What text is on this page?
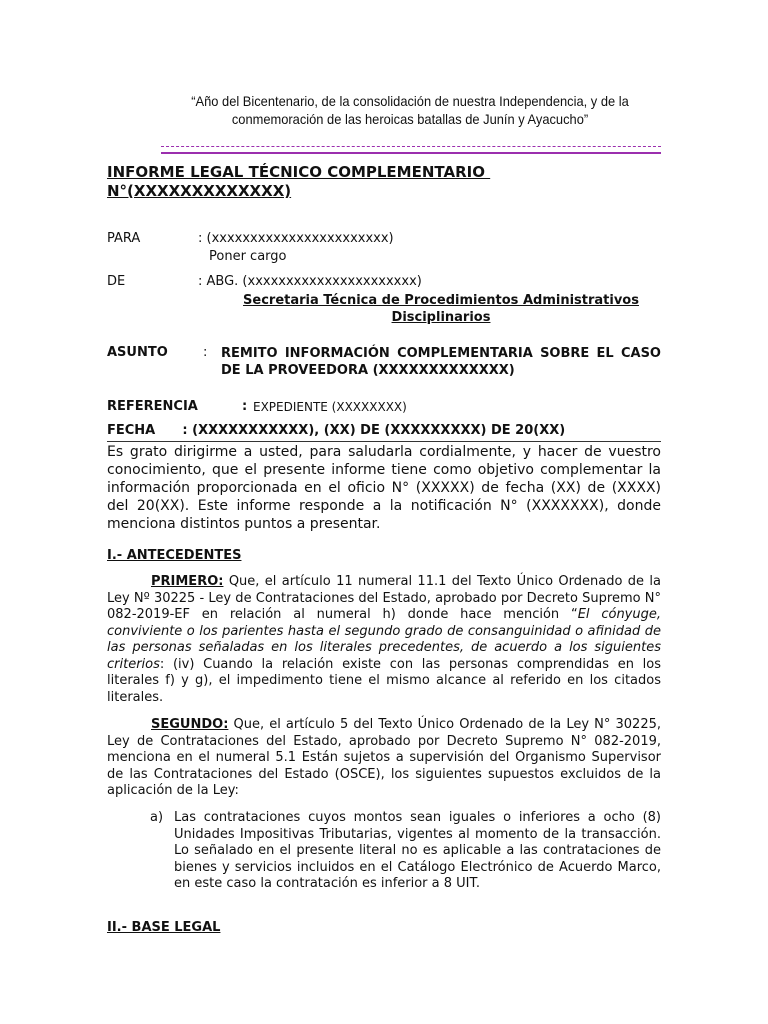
“Año del Bicentenario, de la consolidación de nuestra Independencia, y de la
conmemoración de las heroicas batallas de Junín y Ayacucho”
INFORME LEGAL TÉCNICO COMPLEMENTARIO
N°(XXXXXXXXXXXXX)
PARA	: (xxxxxxxxxxxxxxxxxxxxxxx)
Poner cargo
DE	: ABG. (xxxxxxxxxxxxxxxxxxxxxx)
Secretaria Técnica de Procedimientos Administrativos
Disciplinarios
ASUNTO	: REMITO INFORMACIÓN COMPLEMENTARIA SOBRE EL CASO DE LA PROVEEDORA (XXXXXXXXXXXXX)
REFERENCIA	: EXPEDIENTE (XXXXXXXX)
FECHA      : (XXXXXXXXXXX), (XX) DE (XXXXXXXXX) DE 20(XX)
Es grato dirigirme a usted, para saludarla cordialmente, y hacer de vuestro conocimiento, que el presente informe tiene como objetivo complementar la información proporcionada en el oficio N° (XXXXX) de fecha (XX) de (XXXX) del 20(XX). Este informe responde a la notificación N° (XXXXXXX), donde menciona distintos puntos a presentar.
I.- ANTECEDENTES
PRIMERO: Que, el artículo 11 numeral 11.1 del Texto Único Ordenado de la Ley Nº 30225 - Ley de Contrataciones del Estado, aprobado por Decreto Supremo N° 082-2019-EF en relación al numeral h) donde hace mención “El cónyuge, conviviente o los parientes hasta el segundo grado de consanguinidad o afinidad de las personas señaladas en los literales precedentes, de acuerdo a los siguientes criterios: (iv) Cuando la relación existe con las personas comprendidas en los literales f) y g), el impedimento tiene el mismo alcance al referido en los citados literales.
SEGUNDO: Que, el artículo 5 del Texto Único Ordenado de la Ley N° 30225, Ley de Contrataciones del Estado, aprobado por Decreto Supremo N° 082-2019, menciona en el numeral 5.1 Están sujetos a supervisión del Organismo Supervisor de las Contrataciones del Estado (OSCE), los siguientes supuestos excluidos de la aplicación de la Ley:
a) Las contrataciones cuyos montos sean iguales o inferiores a ocho (8) Unidades Impositivas Tributarias, vigentes al momento de la transacción. Lo señalado en el presente literal no es aplicable a las contrataciones de bienes y servicios incluidos en el Catálogo Electrónico de Acuerdo Marco, en este caso la contratación es inferior a 8 UIT.
II.- BASE LEGAL
